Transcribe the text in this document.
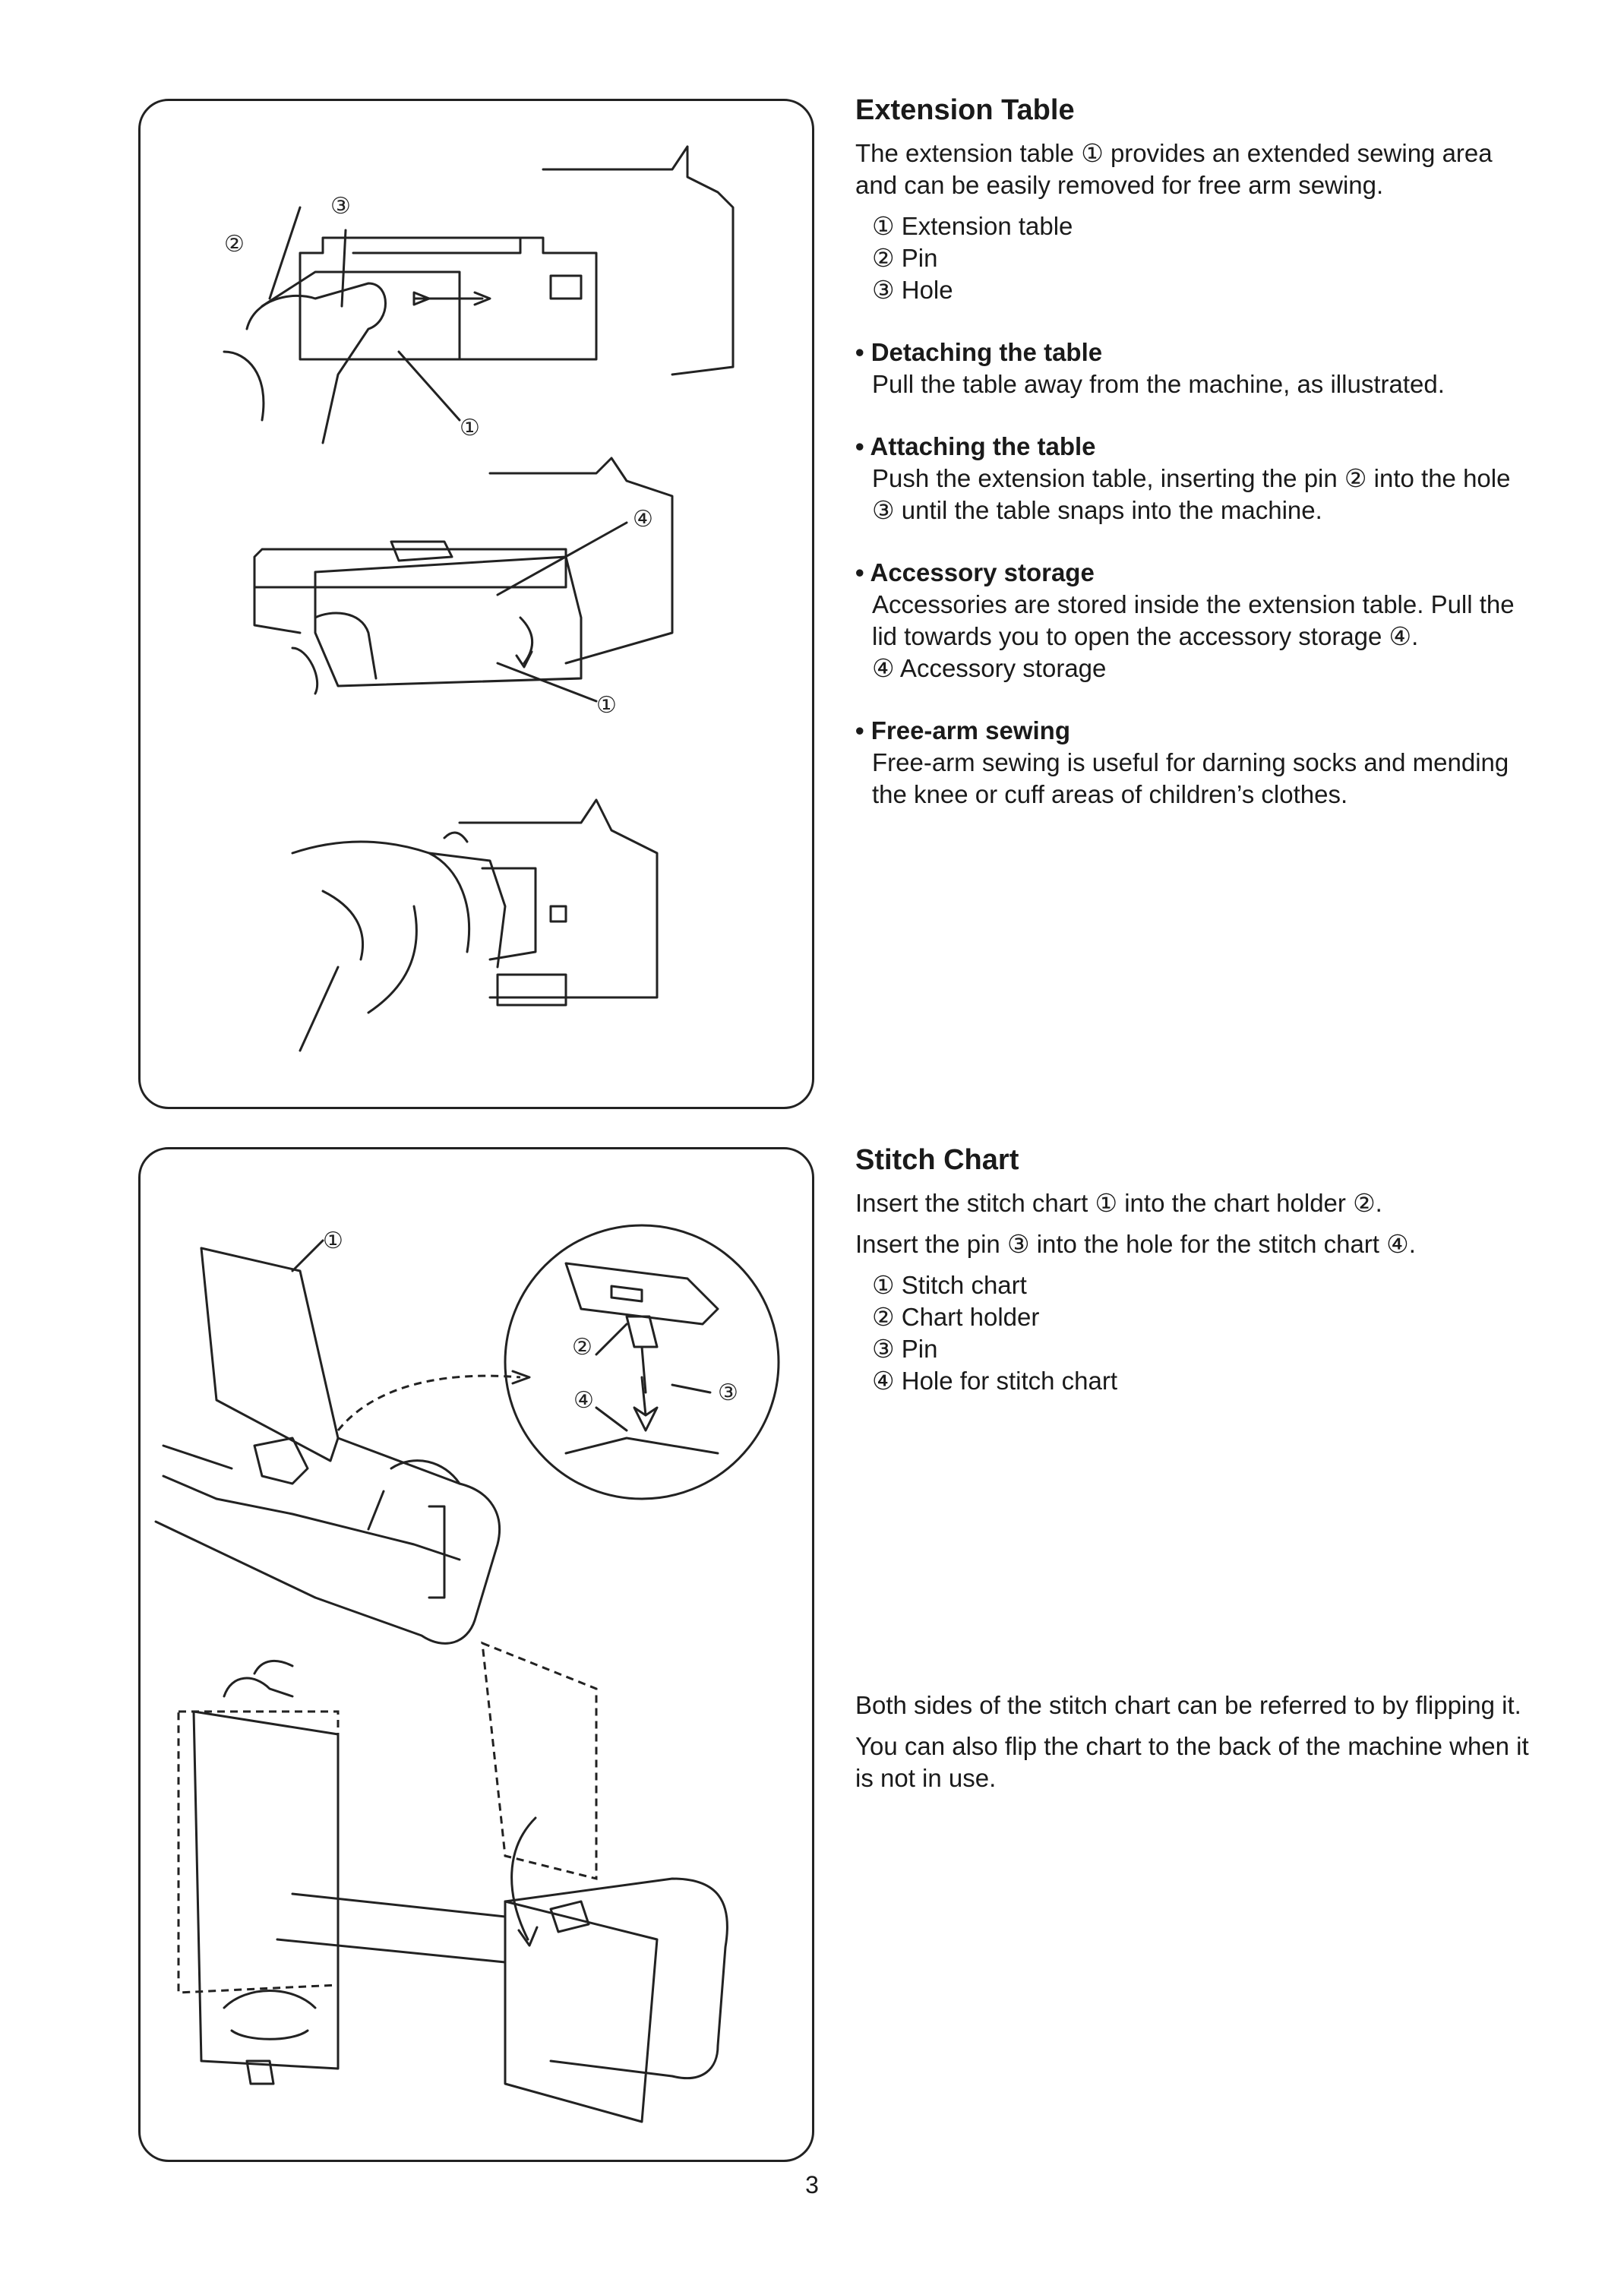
③
②
①
④
①
Extension Table

The extension table ① provides an extended sewing area and can be easily removed for free arm sewing.

① Extension table
② Pin
③ Hole
• Detaching the table
Pull the table away from the machine, as illustrated.
• Attaching the table
Push the extension table, inserting the pin ② into the hole ③ until the table snaps into the machine.
• Accessory storage
Accessories are stored inside the extension table. Pull the lid towards you to open the accessory storage ④.
④ Accessory storage
• Free-arm sewing
Free-arm sewing is useful for darning socks and mending the knee or cuff areas of children’s clothes.
①
②
④	③
Stitch Chart

Insert the stitch chart ① into the chart holder ②.

Insert the pin ③ into the hole for the stitch chart ④.

① Stitch chart
② Chart holder
③ Pin
④ Hole for stitch chart

Both sides of the stitch chart can be referred to by flipping it.

You can also flip the chart to the back of the machine when it is not in use.

3
